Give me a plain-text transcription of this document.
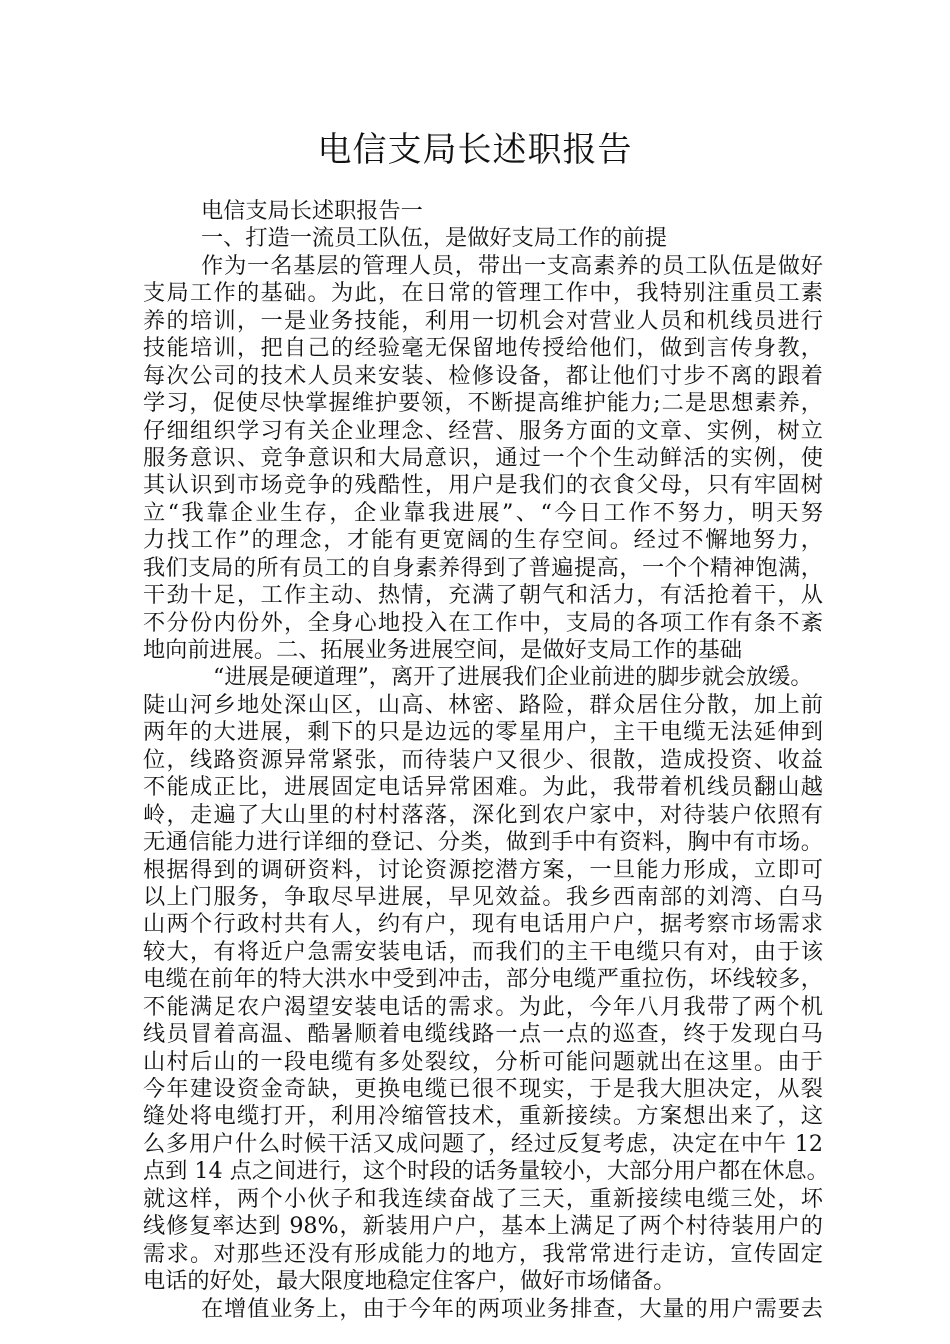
电信支局长述职报告
电信支局长述职报告一
一、打造一流员工队伍，是做好支局工作的前提
作为一名基层的管理人员，带出一支高素养的员工队伍是做好
支局工作的基础。为此，在日常的管理工作中，我特别注重员工素
养的培训，一是业务技能，利用一切机会对营业人员和机线员进行
技能培训，把自己的经验毫无保留地传授给他们，做到言传身教，
每次公司的技术人员来安装、检修设备，都让他们寸步不离的跟着
学习，促使尽快掌握维护要领，不断提高维护能力;二是思想素养，
仔细组织学习有关企业理念、经营、服务方面的文章、实例，树立
服务意识、竞争意识和大局意识，通过一个个生动鲜活的实例，使
其认识到市场竞争的残酷性，用户是我们的衣食父母，只有牢固树
立“我靠企业生存，企业靠我进展”、“今日工作不努力，明天努
力找工作”的理念，才能有更宽阔的生存空间。经过不懈地努力，
我们支局的所有员工的自身素养得到了普遍提高，一个个精神饱满，
干劲十足，工作主动、热情，充满了朝气和活力，有活抢着干，从
不分份内份外，全身心地投入在工作中，支局的各项工作有条不紊
地向前进展。二、拓展业务进展空间，是做好支局工作的基础
“进展是硬道理”，离开了进展我们企业前进的脚步就会放缓。
陡山河乡地处深山区，山高、林密、路险，群众居住分散，加上前
两年的大进展，剩下的只是边远的零星用户，主干电缆无法延伸到
位，线路资源异常紧张，而待装户又很少、很散，造成投资、收益
不能成正比，进展固定电话异常困难。为此，我带着机线员翻山越
岭，走遍了大山里的村村落落，深化到农户家中，对待装户依照有
无通信能力进行详细的登记、分类，做到手中有资料，胸中有市场。
根据得到的调研资料，讨论资源挖潜方案，一旦能力形成，立即可
以上门服务，争取尽早进展，早见效益。我乡西南部的刘湾、白马
山两个行政村共有人，约有户，现有电话用户户，据考察市场需求
较大，有将近户急需安装电话，而我们的主干电缆只有对，由于该
电缆在前年的特大洪水中受到冲击，部分电缆严重拉伤，坏线较多，
不能满足农户渴望安装电话的需求。为此，今年八月我带了两个机
线员冒着高温、酷暑顺着电缆线路一点一点的巡查，终于发现白马
山村后山的一段电缆有多处裂纹，分析可能问题就出在这里。由于
今年建设资金奇缺，更换电缆已很不现实，于是我大胆决定，从裂
缝处将电缆打开，利用冷缩管技术，重新接续。方案想出来了，这
么多用户什么时候干活又成问题了，经过反复考虑，决定在中午 12
点到 14 点之间进行，这个时段的话务量较小，大部分用户都在休息。
就这样，两个小伙子和我连续奋战了三天，重新接续电缆三处，坏
线修复率达到 98%，新装用户户，基本上满足了两个村待装用户的
需求。对那些还没有形成能力的地方，我常常进行走访，宣传固定
电话的好处，最大限度地稳定住客户，做好市场储备。
在增值业务上，由于今年的两项业务排查，大量的用户需要去
